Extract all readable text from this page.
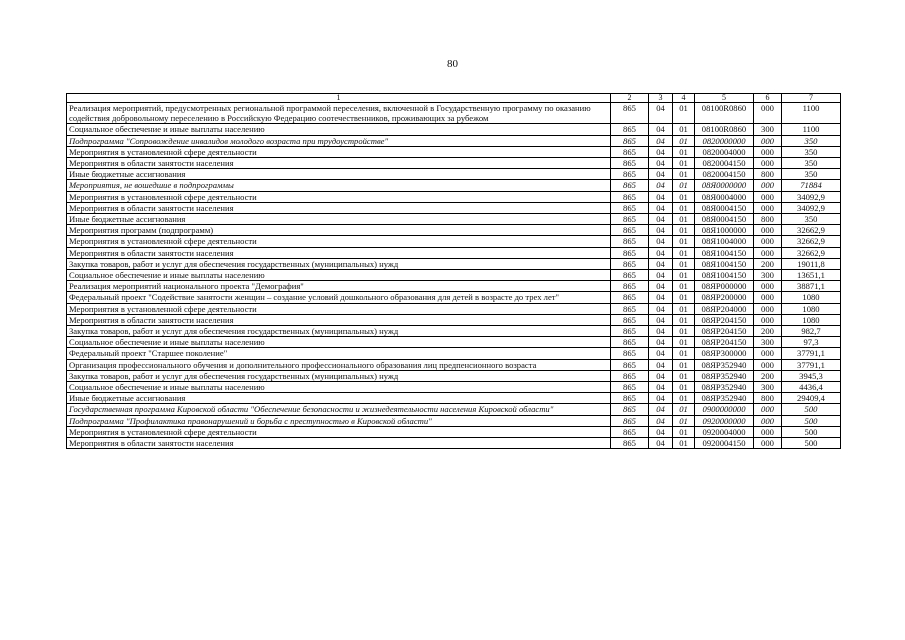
80
1	2	3	4	5	6	7
Реализация мероприятий, предусмотренных региональной программой переселения, включенной в Государственную программу по оказанию содействия добровольному переселению в Российскую Федерацию соотечественников, проживающих за рубежом	865	04	01	08100R0860	000	1100
Социальное обеспечение и иные выплаты населению	865	04	01	08100R0860	300	1100
Подпрограмма "Сопровождение инвалидов молодого возраста при трудоустройстве"	865	04	01	0820000000	000	350
Мероприятия в установленной сфере деятельности	865	04	01	0820004000	000	350
Мероприятия в области занятости населения	865	04	01	0820004150	000	350
Иные бюджетные ассигнования	865	04	01	0820004150	800	350
Мероприятия, не вошедшие в подпрограммы	865	04	01	08Я0000000	000	71884
Мероприятия в установленной сфере деятельности	865	04	01	08Я0004000	000	34092,9
Мероприятия в области занятости населения	865	04	01	08Я0004150	000	34092,9
Иные бюджетные ассигнования	865	04	01	08Я0004150	800	350
Мероприятия программ (подпрограмм)	865	04	01	08Я1000000	000	32662,9
Мероприятия в установленной сфере деятельности	865	04	01	08Я1004000	000	32662,9
Мероприятия в области занятости населения	865	04	01	08Я1004150	000	32662,9
Закупка товаров, работ и услуг для обеспечения государственных (муниципальных) нужд	865	04	01	08Я1004150	200	19011,8
Социальное обеспечение и иные выплаты населению	865	04	01	08Я1004150	300	13651,1
Реализация мероприятий национального проекта "Демография"	865	04	01	08ЯР000000	000	38871,1
Федеральный проект "Содействие занятости женщин – создание условий дошкольного образования для детей в возрасте до трех лет"	865	04	01	08ЯР200000	000	1080
Мероприятия в установленной сфере деятельности	865	04	01	08ЯР204000	000	1080
Мероприятия в области занятости населения	865	04	01	08ЯР204150	000	1080
Закупка товаров, работ и услуг для обеспечения государственных (муниципальных) нужд	865	04	01	08ЯР204150	200	982,7
Социальное обеспечение и иные выплаты населению	865	04	01	08ЯР204150	300	97,3
Федеральный проект "Старшее поколение"	865	04	01	08ЯР300000	000	37791,1
Организация профессионального обучения и дополнительного профессионального образования лиц предпенсионного возраста	865	04	01	08ЯР352940	000	37791,1
Закупка товаров, работ и услуг для обеспечения государственных (муниципальных) нужд	865	04	01	08ЯР352940	200	3945,3
Социальное обеспечение и иные выплаты населению	865	04	01	08ЯР352940	300	4436,4
Иные бюджетные ассигнования	865	04	01	08ЯР352940	800	29409,4
Государственная программа Кировской области "Обеспечение безопасности и жизнедеятельности населения Кировской области"	865	04	01	0900000000	000	500
Подпрограмма "Профилактика правонарушений и борьба с преступностью в Кировской области"	865	04	01	0920000000	000	500
Мероприятия в установленной сфере деятельности	865	04	01	0920004000	000	500
Мероприятия в области занятости населения	865	04	01	0920004150	000	500
